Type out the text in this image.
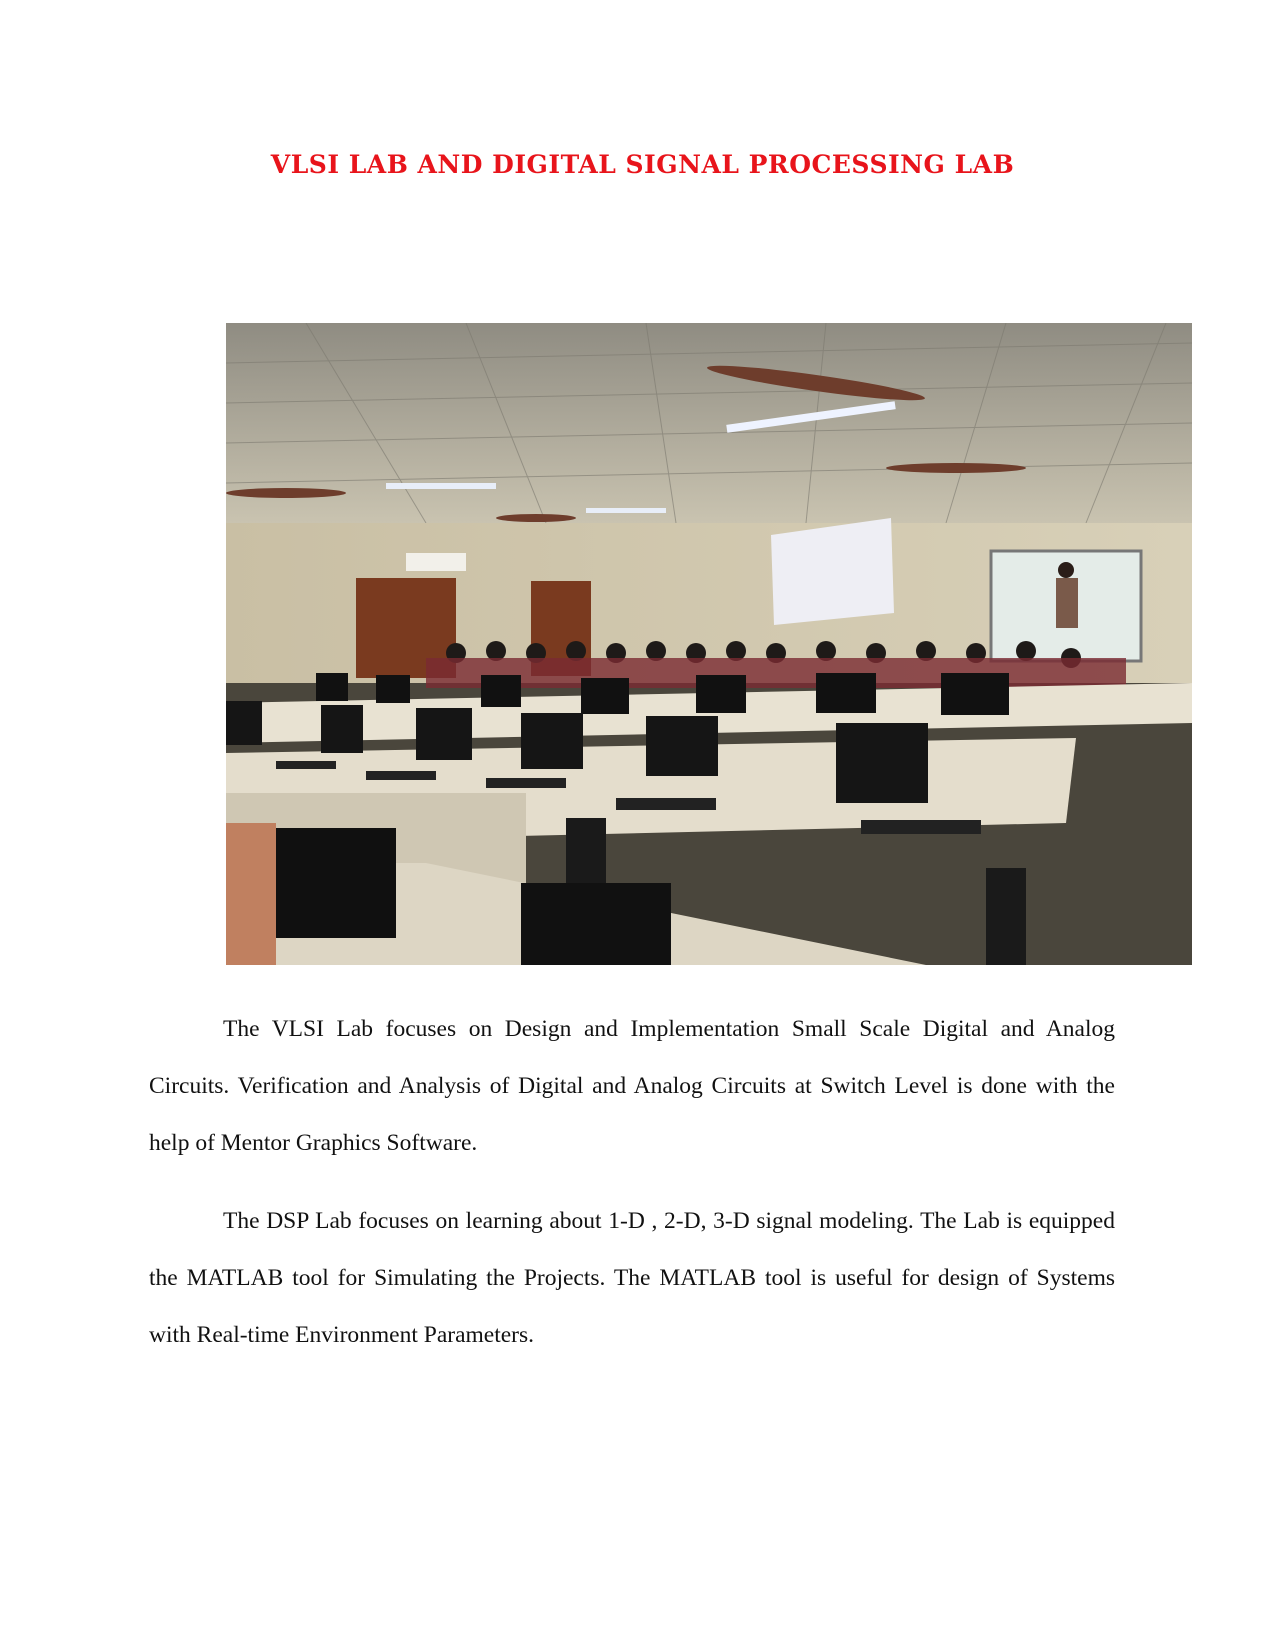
VLSI LAB AND DIGITAL SIGNAL PROCESSING LAB

The VLSI Lab focuses on Design and Implementation Small Scale Digital and Analog Circuits. Verification and Analysis of Digital and Analog Circuits at Switch Level is done with the help of Mentor Graphics Software.

The DSP Lab focuses on learning about 1-D , 2-D, 3-D signal modeling. The Lab is equipped the MATLAB tool for Simulating the Projects. The MATLAB tool is useful for design of Systems with Real-time Environment Parameters.
